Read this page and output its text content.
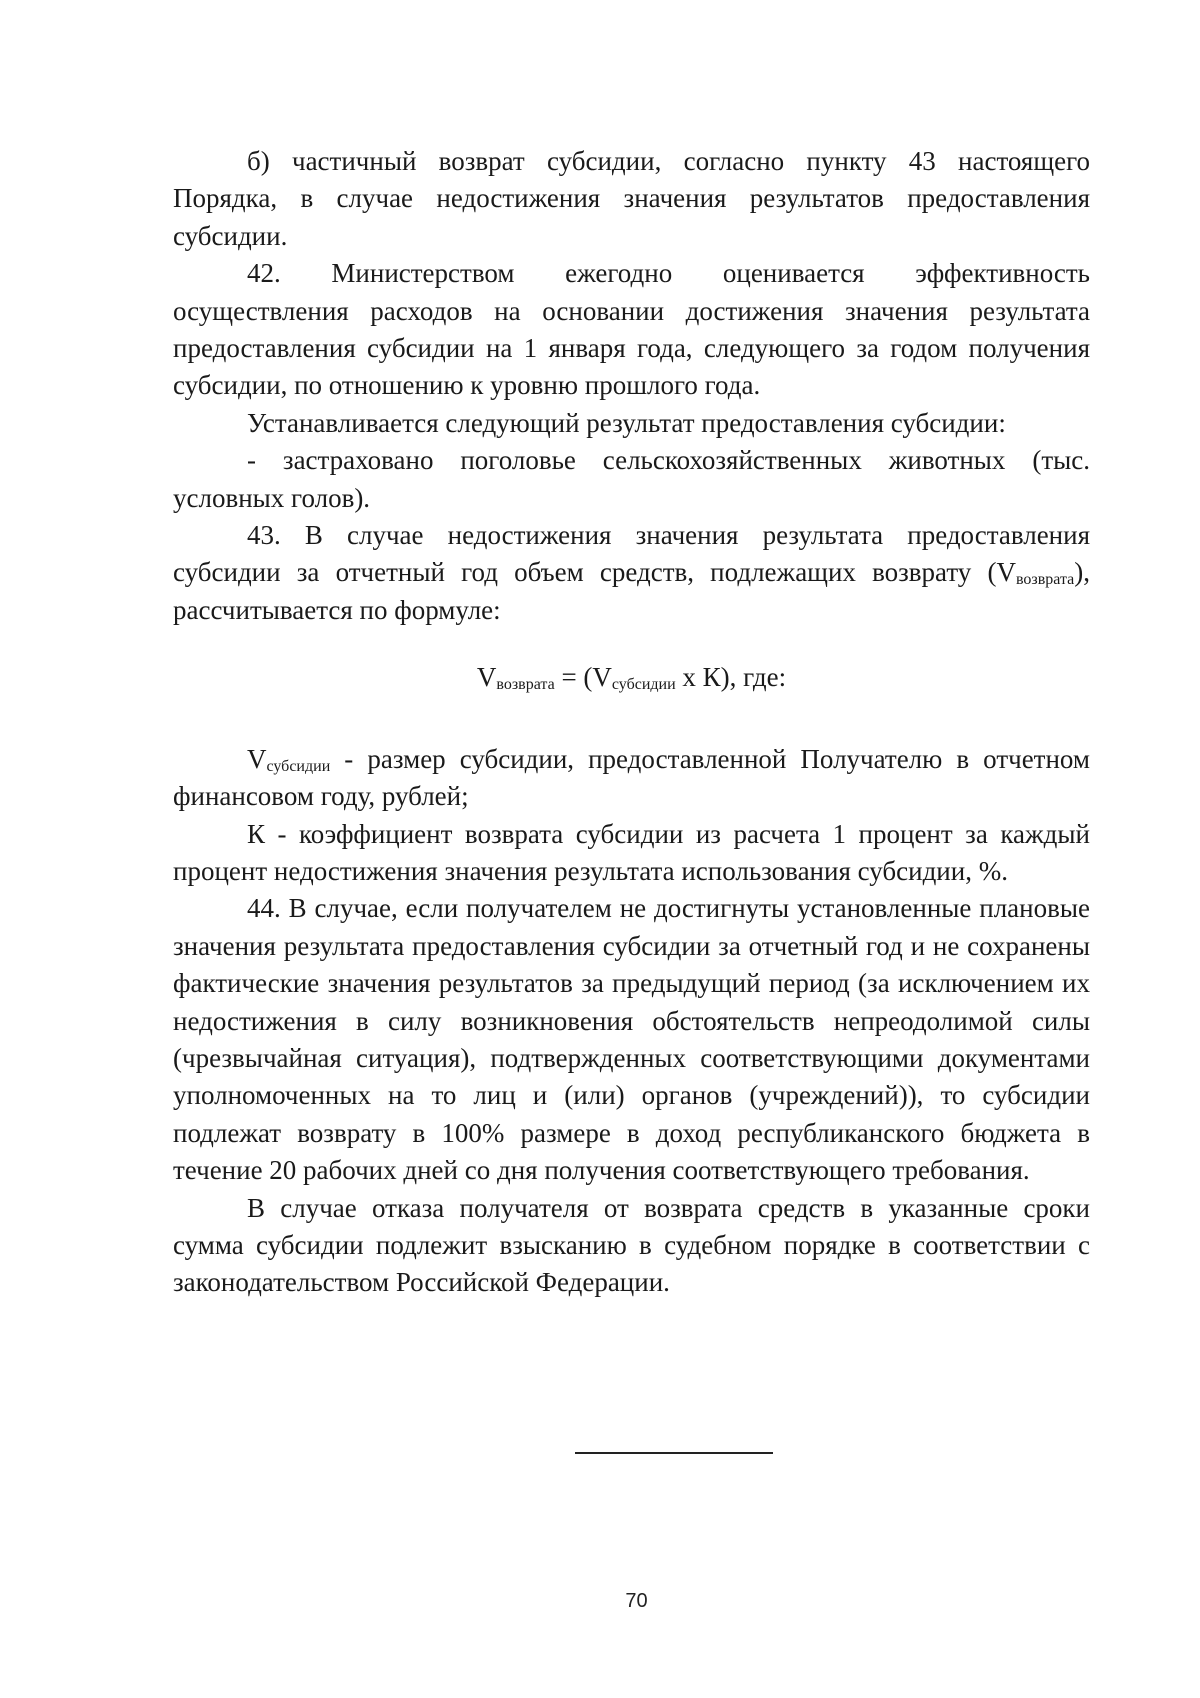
б) частичный возврат субсидии, согласно пункту 43 настоящего

Порядка, в случае недостижения значения результатов предоставления субсидии.

42. Министерством ежегодно оценивается эффективность

осуществления расходов на основании достижения значения результата предоставления субсидии на 1 января года, следующего за годом получения субсидии, по отношению к уровню прошлого года.

Устанавливается следующий результат предоставления субсидии:

- застраховано поголовье сельскохозяйственных животных (тыс. условных голов).

43. В случае недостижения значения результата предоставления субсидии за отчетный год объем средств, подлежащих возврату $(V_{возврата})$, рассчитывается по формуле:

$V_{возврата} = (V_{субсидии}$ х К), где:

$V_{субсидии}$ - размер субсидии, предоставленной Получателю в отчетном финансовом году, рублей;

К - коэффициент возврата субсидии из расчета 1 процент за каждый процент недостижения значения результата использования субсидии, %.

44. В случае, если получателем не достигнуты установленные плановые значения результата предоставления субсидии за отчетный год и не сохранены фактические значения результатов за предыдущий период (за исключением их недостижения в силу возникновения обстоятельств непреодолимой силы (чрезвычайная ситуация), подтвержденных соответствующими документами уполномоченных на то лиц и (или) органов (учреждений)), то субсидии подлежат возврату в 100% размере в доход республиканского бюджета в течение 20 рабочих дней со дня получения соответствующего требования.

В случае отказа получателя от возврата средств в указанные сроки сумма субсидии подлежит взысканию в судебном порядке в соответствии с законодательством Российской Федерации.

70
